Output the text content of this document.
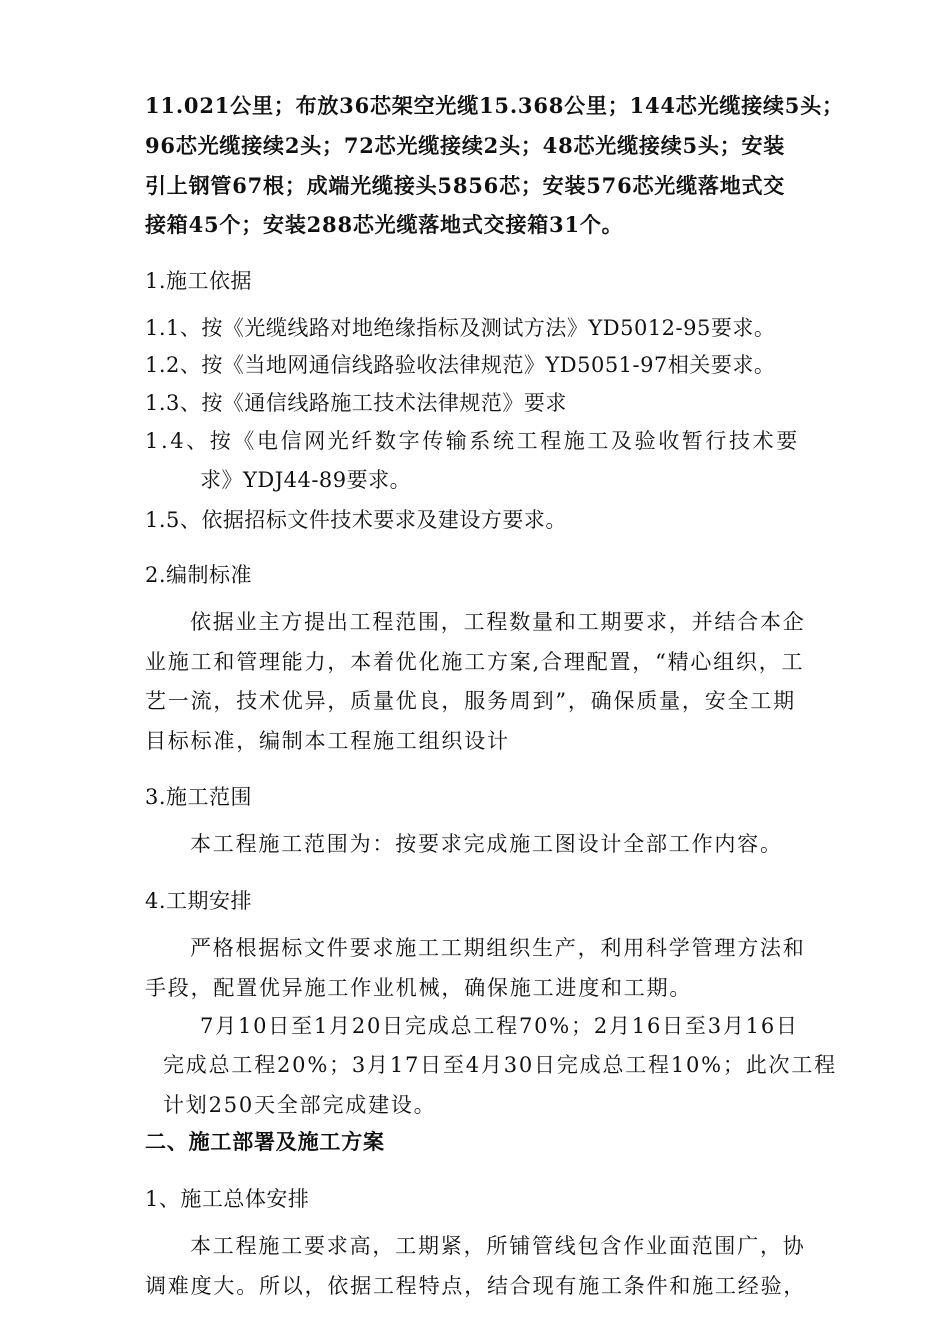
11.021公里；布放36芯架空光缆15.368公里；144芯光缆接续5头；
96芯光缆接续2头；72芯光缆接续2头；48芯光缆接续5头；安装
引上钢管67根；成端光缆接头5856芯；安装576芯光缆落地式交
接箱45个；安装288芯光缆落地式交接箱31个。
1.施工依据
1.1、按《光缆线路对地绝缘指标及测试方法》YD5012-95要求。
1.2、按《当地网通信线路验收法律规范》YD5051-97相关要求。
1.3、按《通信线路施工技术法律规范》要求
1.4、按《电信网光纤数字传输系统工程施工及验收暂行技术要
求》YDJ44-89要求。
1.5、依据招标文件技术要求及建设方要求。
2.编制标准
依据业主方提出工程范围，工程数量和工期要求，并结合本企
业施工和管理能力，本着优化施工方案,合理配置，“精心组织，工
艺一流，技术优异，质量优良，服务周到”，确保质量，安全工期
目标标准，编制本工程施工组织设计
3.施工范围
本工程施工范围为：按要求完成施工图设计全部工作内容。
4.工期安排
严格根据标文件要求施工工期组织生产，利用科学管理方法和
手段，配置优异施工作业机械，确保施工进度和工期。
7月10日至1月20日完成总工程70%；2月16日至3月16日
完成总工程20%；3月17日至4月30日完成总工程10%；此次工程
计划250天全部完成建设。
二、施工部署及施工方案
1、施工总体安排
本工程施工要求高，工期紧，所铺管线包含作业面范围广，协
调难度大。所以，依据工程特点，结合现有施工条件和施工经验，
